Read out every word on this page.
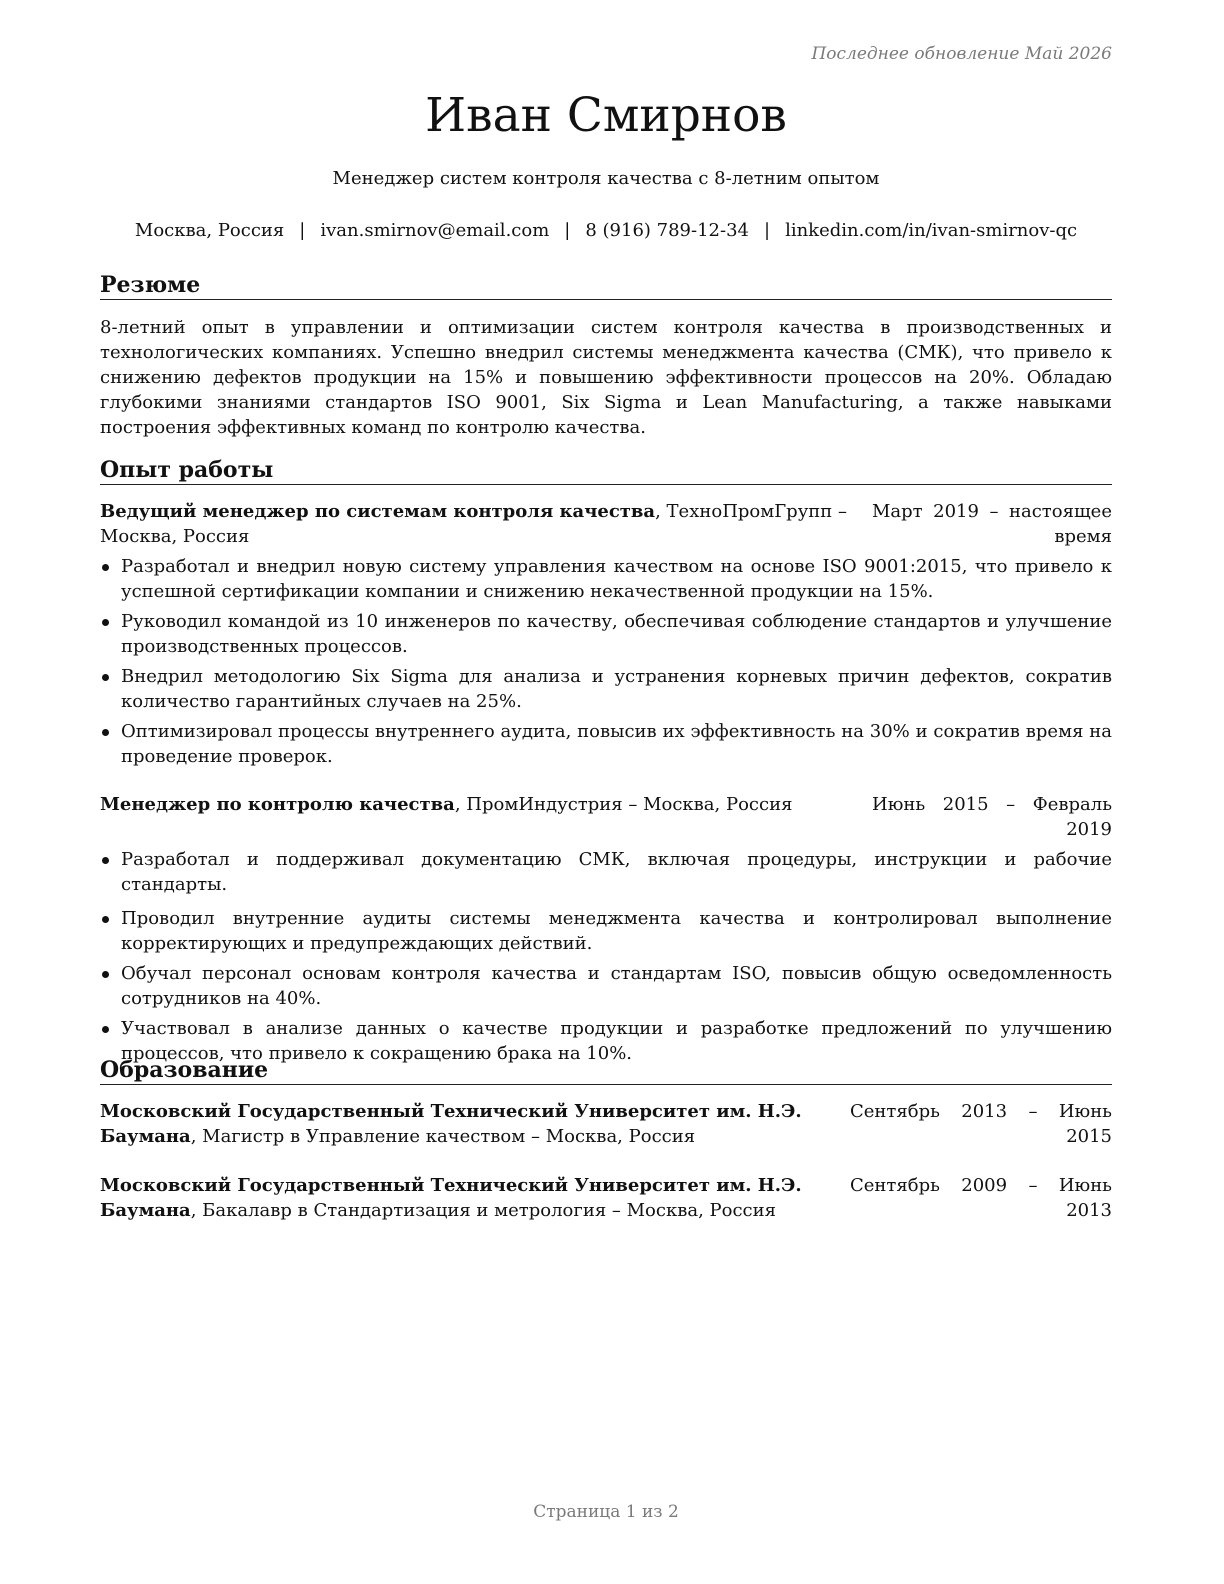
Последнее обновление Май 2026
Иван Смирнов
Менеджер систем контроля качества с 8-летним опытом
Москва, Россия | ivan.smirnov@email.com | 8 (916) 789-12-34 | linkedin.com/in/ivan-smirnov-qc
Резюме
8-летний опыт в управлении и оптимизации систем контроля качества в производственных и технологических компаниях. Успешно внедрил системы менеджмента качества (СМК), что привело к снижению дефектов продукции на 15% и повышению эффективности процессов на 20%. Обладаю глубокими знаниями стандартов ISO 9001, Six Sigma и Lean Manufacturing, а также навыками построения эффективных команд по контролю качества.
Опыт работы
Ведущий менеджер по системам контроля качества, ТехноПромГрупп – Москва, Россия
Март 2019 – настоящее время
Разработал и внедрил новую систему управления качеством на основе ISO 9001:2015, что привело к успешной сертификации компании и снижению некачественной продукции на 15%.
Руководил командой из 10 инженеров по качеству, обеспечивая соблюдение стандартов и улучшение производственных процессов.
Внедрил методологию Six Sigma для анализа и устранения корневых причин дефектов, сократив количество гарантийных случаев на 25%.
Оптимизировал процессы внутреннего аудита, повысив их эффективность на 30% и сократив время на проведение проверок.
Менеджер по контролю качества, ПромИндустрия – Москва, Россия	Июнь 2015 – Февраль 2019
Разработал и поддерживал документацию СМК, включая процедуры, инструкции и рабочие стандарты.
Проводил внутренние аудиты системы менеджмента качества и контролировал выполнение корректирующих и предупреждающих действий.
Обучал персонал основам контроля качества и стандартам ISO, повысив общую осведомленность сотрудников на 40%.
Участвовал в анализе данных о качестве продукции и разработке предложений по улучшению процессов, что привело к сокращению брака на 10%.
Образование
Московский Государственный Технический Университет им. Н.Э. Баумана, Магистр в Управление качеством – Москва, Россия
Сентябрь 2013 – Июнь 2015
Московский Государственный Технический Университет им. Н.Э. Баумана, Бакалавр в Стандартизация и метрология – Москва, Россия
Сентябрь 2009 – Июнь 2013
Страница 1 из 2
